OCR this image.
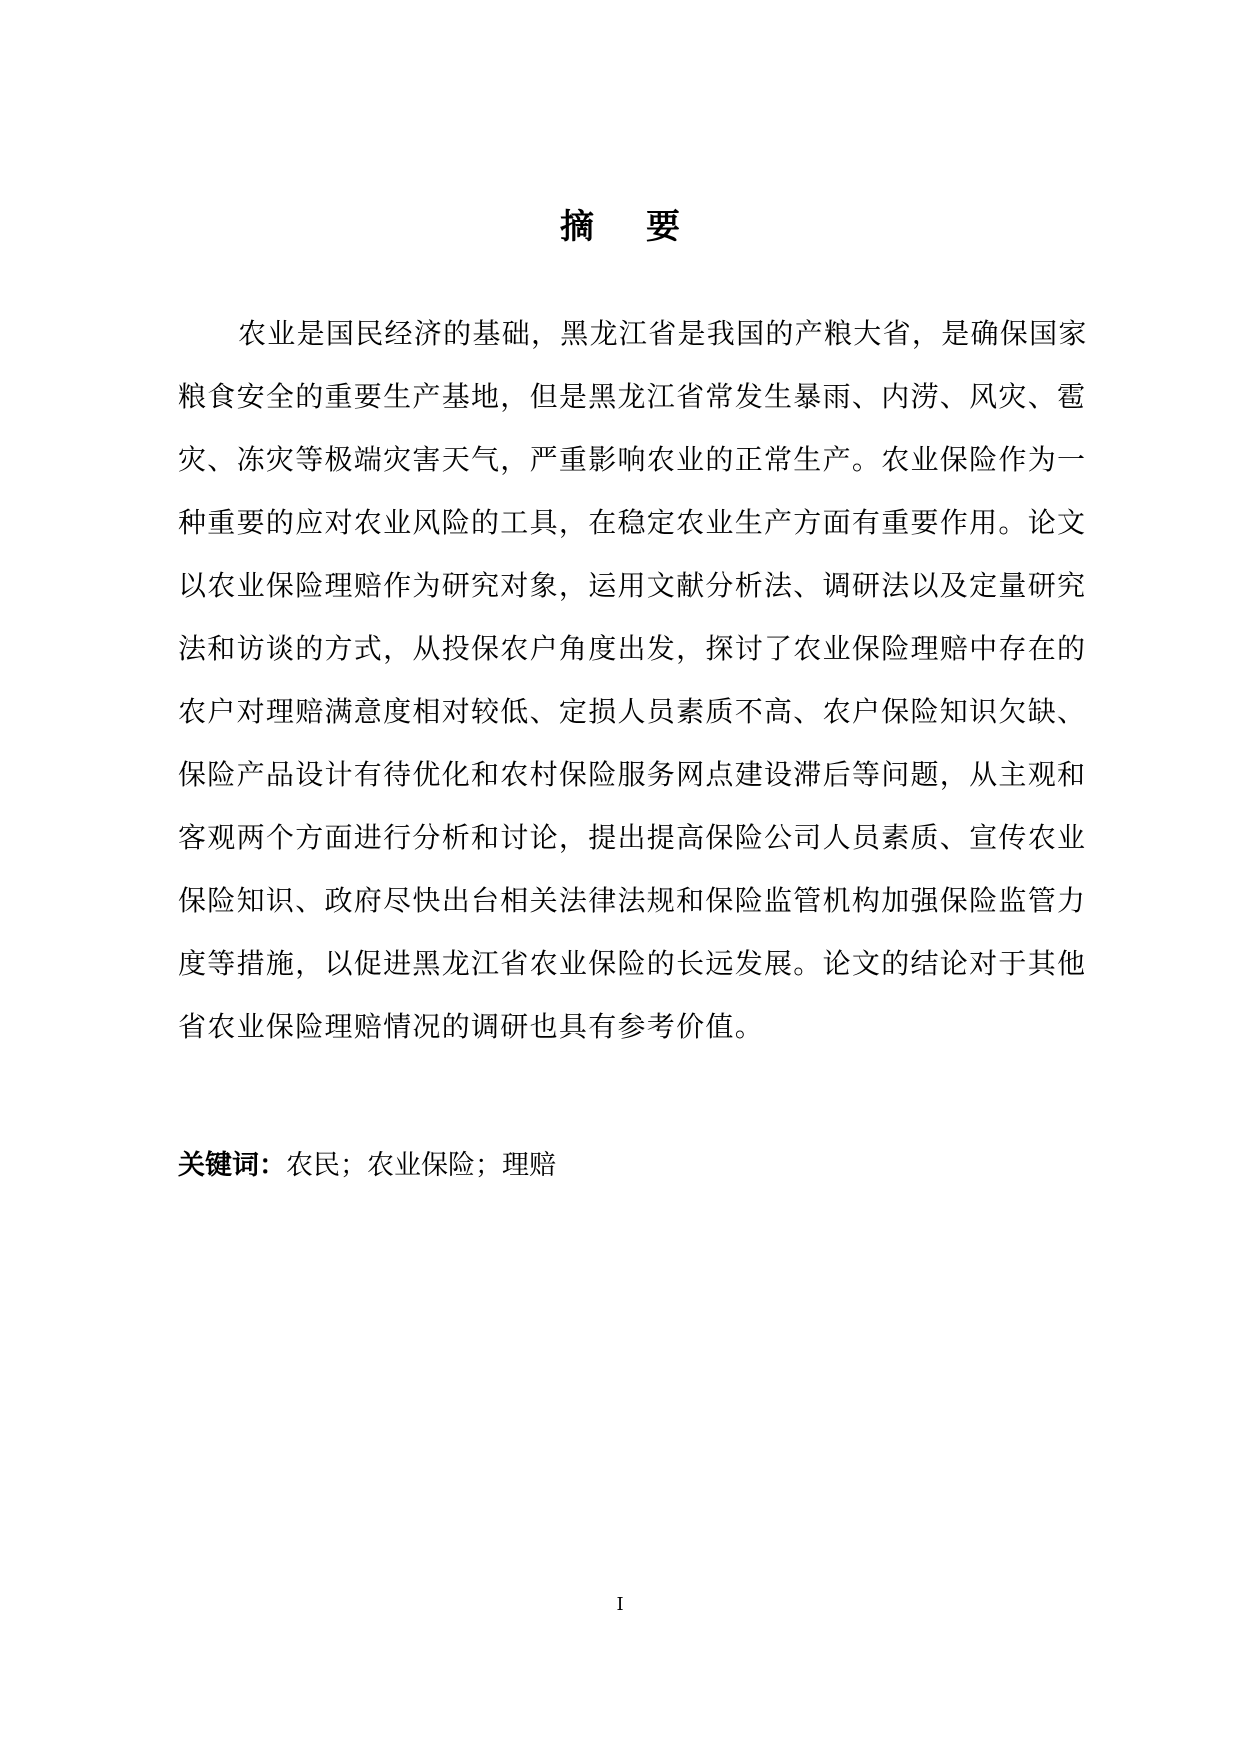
摘 要
农业是国民经济的基础，黑龙江省是我国的产粮大省，是确保国家
粮食安全的重要生产基地，但是黑龙江省常发生暴雨、内涝、风灾、雹
灾、冻灾等极端灾害天气，严重影响农业的正常生产。农业保险作为一
种重要的应对农业风险的工具，在稳定农业生产方面有重要作用。论文
以农业保险理赔作为研究对象，运用文献分析法、调研法以及定量研究
法和访谈的方式，从投保农户角度出发，探讨了农业保险理赔中存在的
农户对理赔满意度相对较低、定损人员素质不高、农户保险知识欠缺、
保险产品设计有待优化和农村保险服务网点建设滞后等问题，从主观和
客观两个方面进行分析和讨论，提出提高保险公司人员素质、宣传农业
保险知识、政府尽快出台相关法律法规和保险监管机构加强保险监管力
度等措施，以促进黑龙江省农业保险的长远发展。论文的结论对于其他
省农业保险理赔情况的调研也具有参考价值。
关键词：农民；农业保险；理赔
I
